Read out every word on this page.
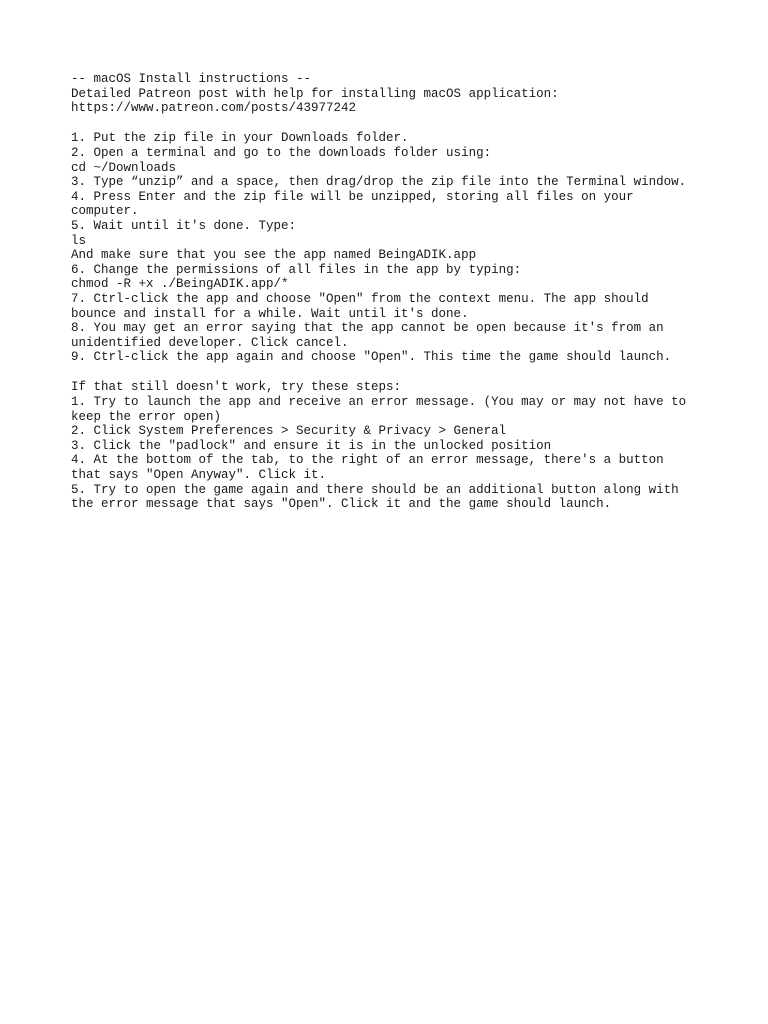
-- macOS Install instructions --
Detailed Patreon post with help for installing macOS application:
https://www.patreon.com/posts/43977242
1. Put the zip file in your Downloads folder.
2. Open a terminal and go to the downloads folder using:
cd ~/Downloads
3. Type “unzip” and a space, then drag/drop the zip file into the Terminal window.
4. Press Enter and the zip file will be unzipped, storing all files on your
computer.
5. Wait until it's done. Type:
ls
And make sure that you see the app named BeingADIK.app
6. Change the permissions of all files in the app by typing:
chmod -R +x ./BeingADIK.app/*
7. Ctrl-click the app and choose "Open" from the context menu. The app should
bounce and install for a while. Wait until it's done.
8. You may get an error saying that the app cannot be open because it's from an
unidentified developer. Click cancel.
9. Ctrl-click the app again and choose "Open". This time the game should launch.
If that still doesn't work, try these steps:
1. Try to launch the app and receive an error message. (You may or may not have to
keep the error open)
2. Click System Preferences > Security & Privacy > General
3. Click the "padlock" and ensure it is in the unlocked position
4. At the bottom of the tab, to the right of an error message, there's a button
that says "Open Anyway". Click it.
5. Try to open the game again and there should be an additional button along with
the error message that says "Open". Click it and the game should launch.
